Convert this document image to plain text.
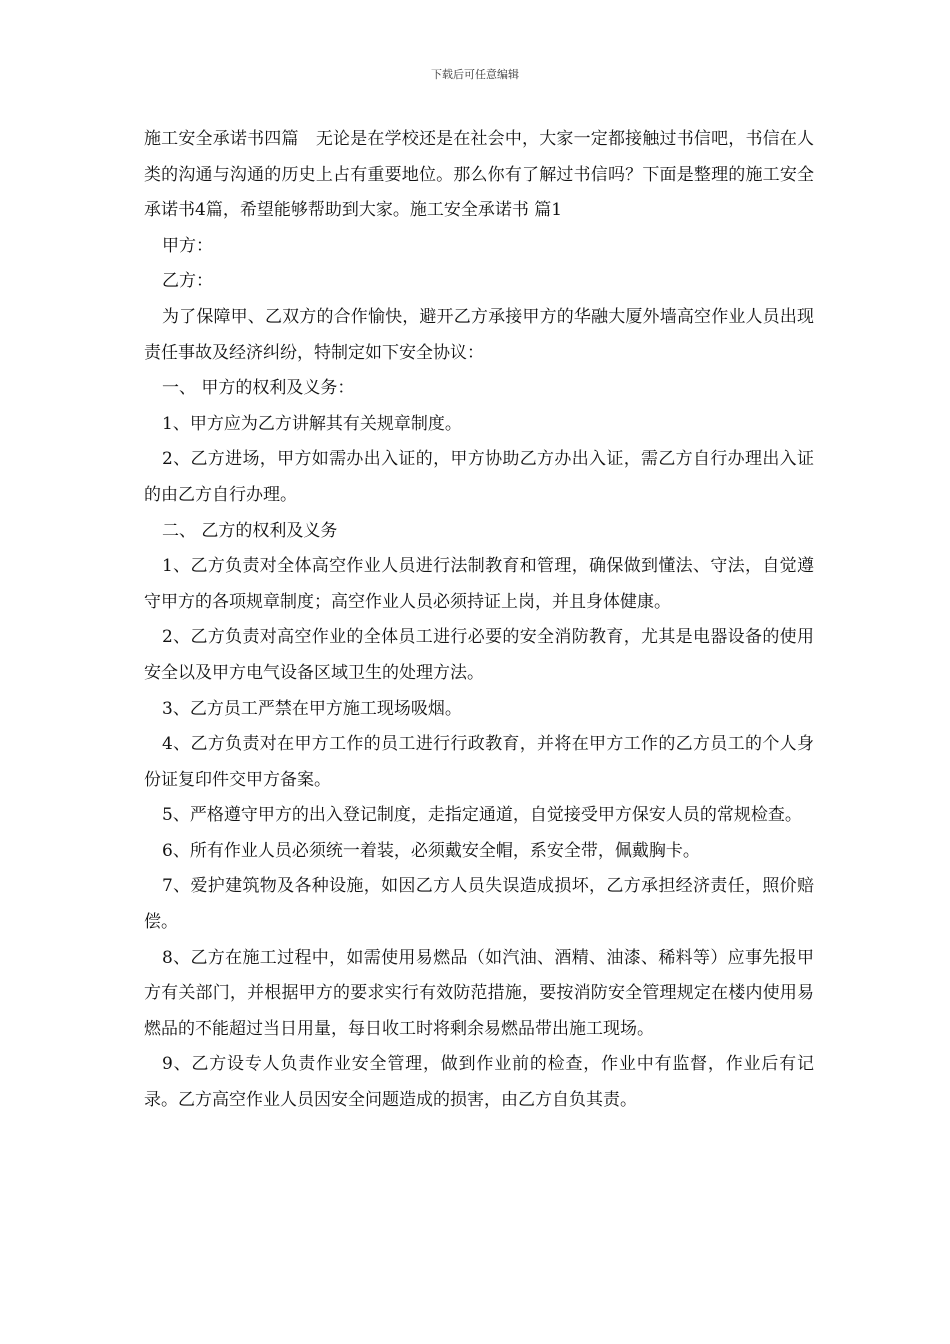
下载后可任意编辑

施工安全承诺书四篇　无论是在学校还是在社会中，大家一定都接触过书信吧，书信在人类的沟通与沟通的历史上占有重要地位。那么你有了解过书信吗？下面是整理的施工安全承诺书4篇，希望能够帮助到大家。施工安全承诺书 篇1

甲方：

乙方：

为了保障甲、乙双方的合作愉快，避开乙方承接甲方的华融大厦外墙高空作业人员出现责任事故及经济纠纷，特制定如下安全协议：

一、 甲方的权利及义务：

1、甲方应为乙方讲解其有关规章制度。

2、乙方进场，甲方如需办出入证的，甲方协助乙方办出入证，需乙方自行办理出入证的由乙方自行办理。

二、 乙方的权利及义务

1、乙方负责对全体高空作业人员进行法制教育和管理，确保做到懂法、守法，自觉遵守甲方的各项规章制度；高空作业人员必须持证上岗，并且身体健康。

2、乙方负责对高空作业的全体员工进行必要的安全消防教育，尤其是电器设备的使用安全以及甲方电气设备区域卫生的处理方法。

3、乙方员工严禁在甲方施工现场吸烟。

4、乙方负责对在甲方工作的员工进行行政教育，并将在甲方工作的乙方员工的个人身份证复印件交甲方备案。

5、严格遵守甲方的出入登记制度，走指定通道，自觉接受甲方保安人员的常规检查。

6、所有作业人员必须统一着装，必须戴安全帽，系安全带，佩戴胸卡。

7、爱护建筑物及各种设施，如因乙方人员失误造成损坏，乙方承担经济责任，照价赔偿。

8、乙方在施工过程中，如需使用易燃品（如汽油、酒精、油漆、稀料等）应事先报甲方有关部门，并根据甲方的要求实行有效防范措施，要按消防安全管理规定在楼内使用易燃品的不能超过当日用量，每日收工时将剩余易燃品带出施工现场。

9、乙方设专人负责作业安全管理，做到作业前的检查，作业中有监督，作业后有记录。乙方高空作业人员因安全问题造成的损害，由乙方自负其责。
